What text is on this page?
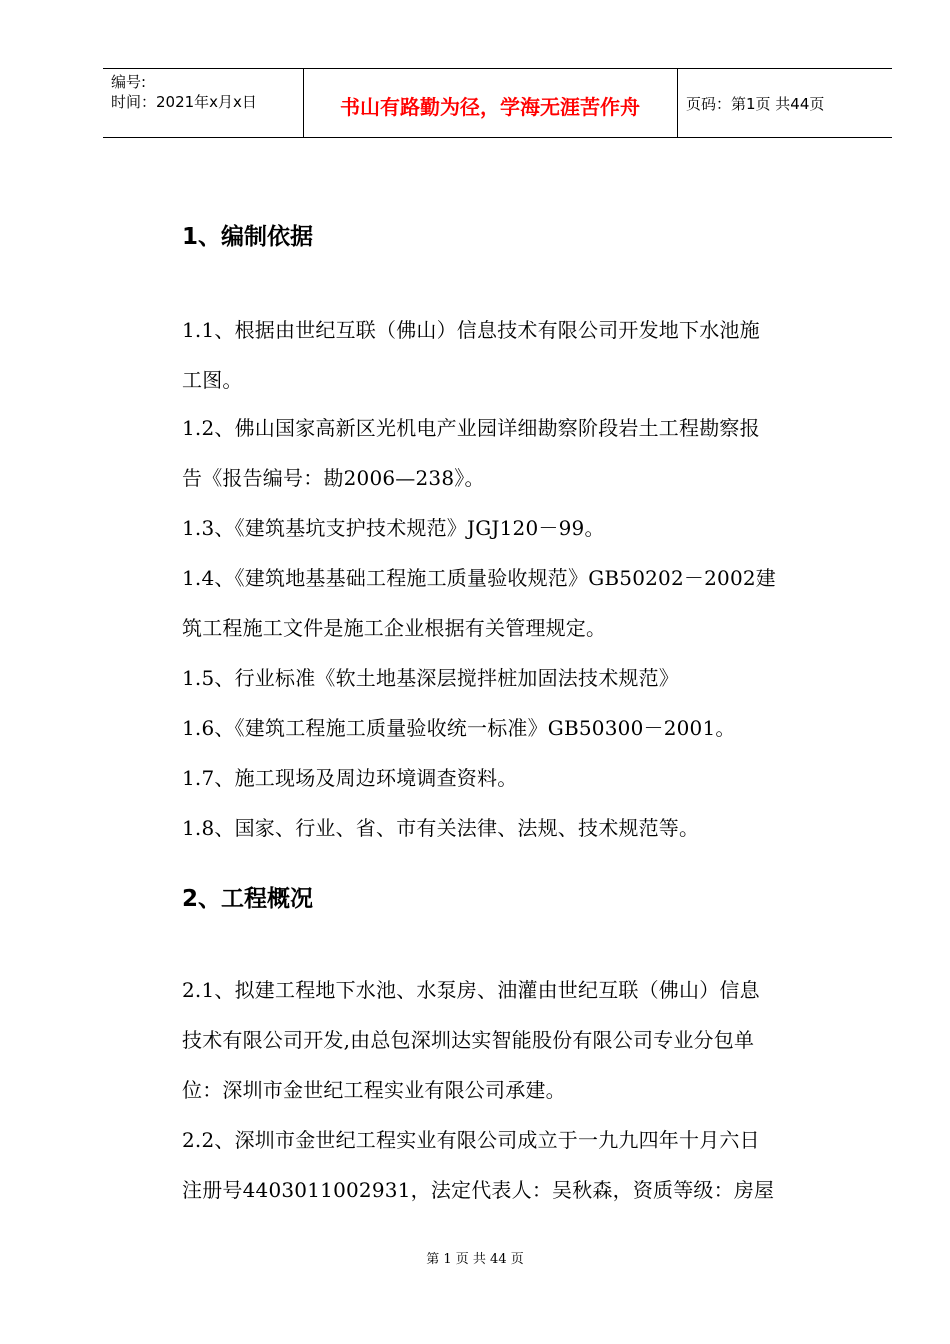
编号:
时间：2021年x月x日	书山有路勤为径，学海无涯苦作舟	页码：第1页 共44页
1、编制依据
1.1、根据由世纪互联（佛山）信息技术有限公司开发地下水池施
工图。
1.2、佛山国家高新区光机电产业园详细勘察阶段岩土工程勘察报
告《报告编号：勘2006—238》。
1.3、《建筑基坑支护技术规范》JGJ120－99。
1.4、《建筑地基基础工程施工质量验收规范》GB50202－2002建
筑工程施工文件是施工企业根据有关管理规定。
1.5、行业标准《软土地基深层搅拌桩加固法技术规范》
1.6、《建筑工程施工质量验收统一标准》GB50300－2001。
1.7、施工现场及周边环境调查资料。
1.8、国家、行业、省、市有关法律、法规、技术规范等。
2、工程概况
2.1、拟建工程地下水池、水泵房、油灌由世纪互联（佛山）信息
技术有限公司开发,由总包深圳达实智能股份有限公司专业分包单
位：深圳市金世纪工程实业有限公司承建。
2.2、深圳市金世纪工程实业有限公司成立于一九九四年十月六日
注册号4403011002931，法定代表人：吴秋森，资质等级：房屋
第 1 页 共 44 页
